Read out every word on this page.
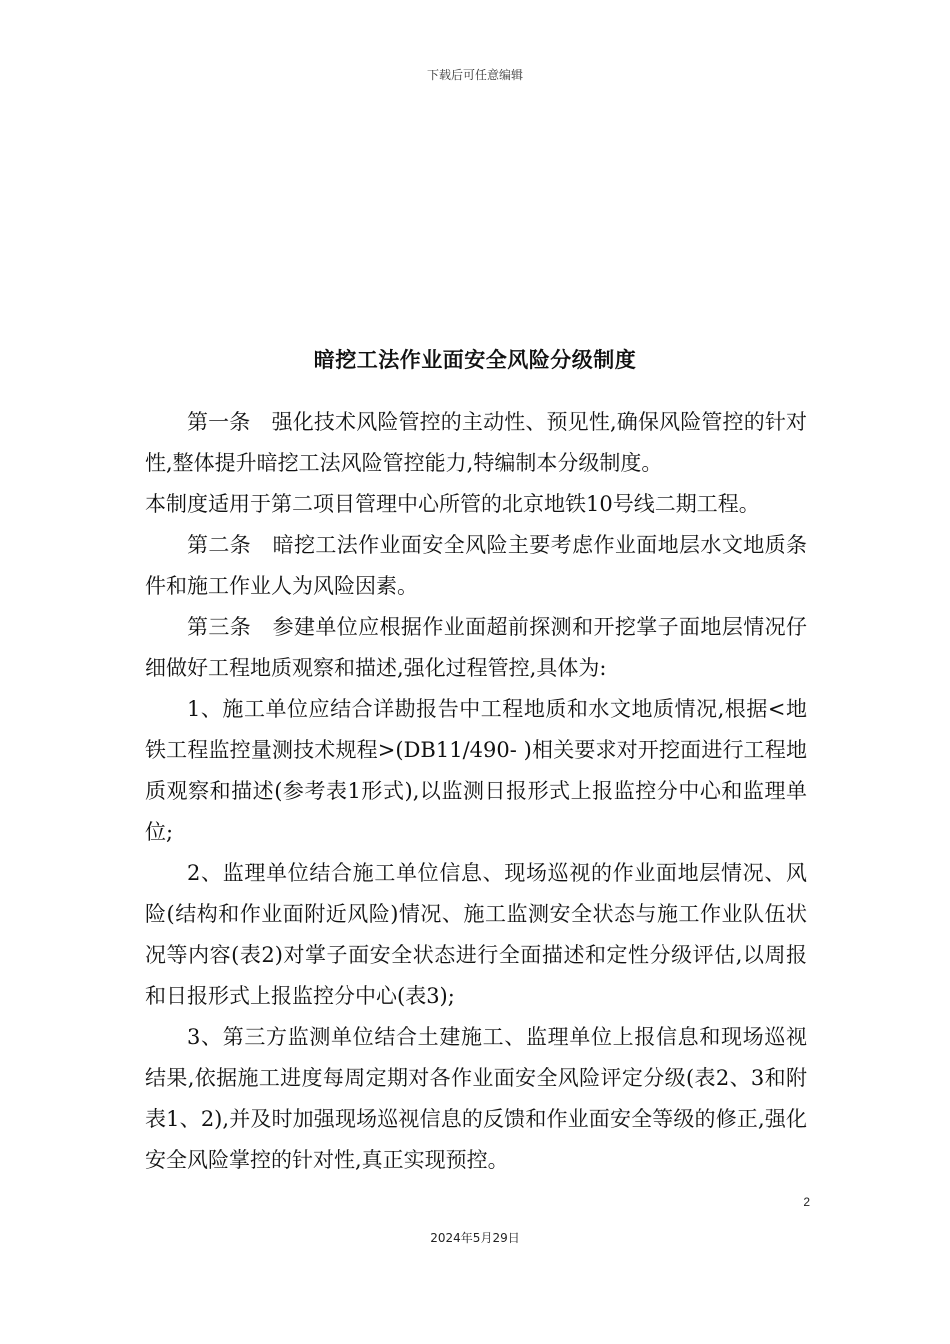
下载后可任意编辑
暗挖工法作业面安全风险分级制度

第一条　强化技术风险管控的主动性、预见性,确保风险管控的针对性,整体提升暗挖工法风险管控能力,特编制本分级制度。

本制度适用于第二项目管理中心所管的北京地铁10号线二期工程。

第二条　暗挖工法作业面安全风险主要考虑作业面地层水文地质条件和施工作业人为风险因素。

第三条　参建单位应根据作业面超前探测和开挖掌子面地层情况仔细做好工程地质观察和描述,强化过程管控,具体为:

1、施工单位应结合详勘报告中工程地质和水文地质情况,根据<地铁工程监控量测技术规程>(DB11/490- )相关要求对开挖面进行工程地质观察和描述(参考表1形式),以监测日报形式上报监控分中心和监理单位;

2、监理单位结合施工单位信息、现场巡视的作业面地层情况、风险(结构和作业面附近风险)情况、施工监测安全状态与施工作业队伍状况等内容(表2)对掌子面安全状态进行全面描述和定性分级评估,以周报和日报形式上报监控分中心(表3);

3、第三方监测单位结合土建施工、监理单位上报信息和现场巡视结果,依据施工进度每周定期对各作业面安全风险评定分级(表2、3和附表1、2),并及时加强现场巡视信息的反馈和作业面安全等级的修正,强化安全风险掌控的针对性,真正实现预控。

2
2024年5月29日
